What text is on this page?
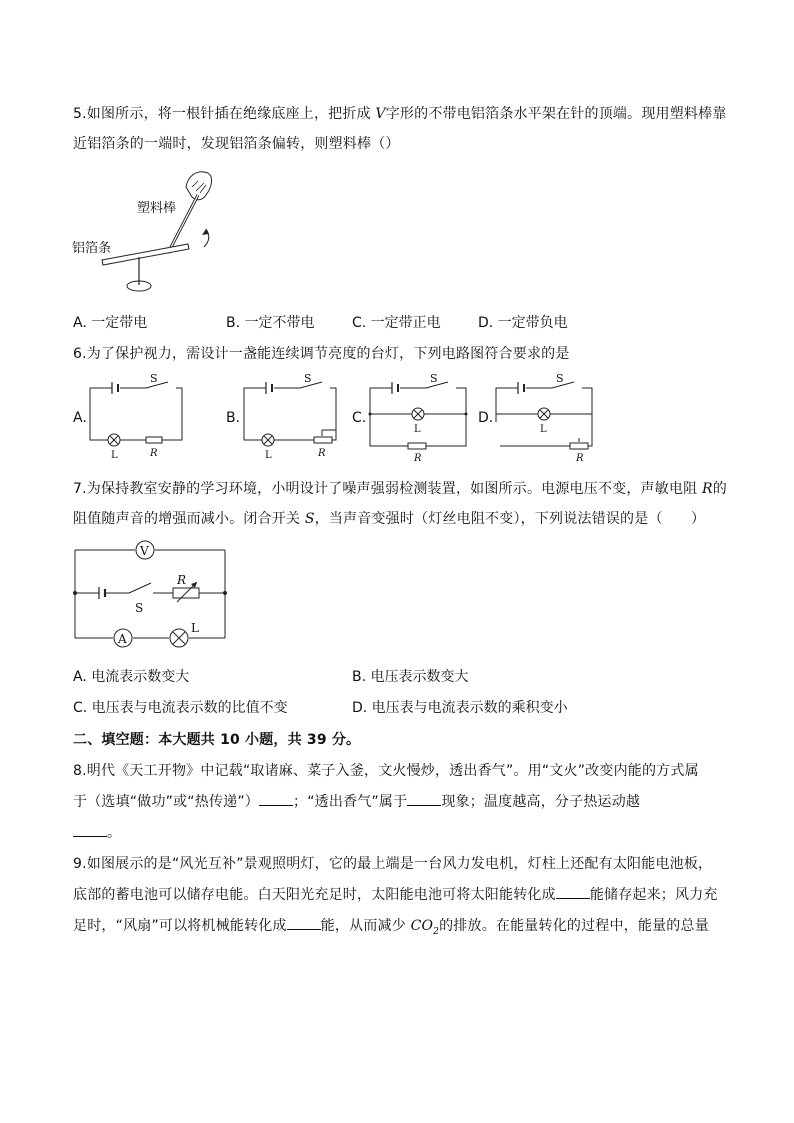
5.如图所示，将一根针插在绝缘底座上，把折成 V字形的不带电铝箔条水平架在针的顶端。现用塑料棒靠
近铝箔条的一端时，发现铝箔条偏转，则塑料棒（）
塑料棒
铝箔条
A. 一定带电	B. 一定不带电	C. 一定带正电	D. 一定带负电
6.为了保护视力，需设计一盏能连续调节亮度的台灯，下列电路图符合要求的是
A.
S
L	R
B.
S
L	R
C.
S
L
R
D.
S
L
R
7.为保持教室安静的学习环境，小明设计了噪声强弱检测装置，如图所示。电源电压不变，声敏电阻 R的
阻值随声音的增强而减小。闭合开关 S，当声音变强时（灯丝电阻不变），下列说法错误的是（　　）
V
R
S
A
L
A. 电流表示数变大	B. 电压表示数变大
C. 电压表与电流表示数的比值不变	D. 电压表与电流表示数的乘积变小
二、填空题：本大题共 10 小题，共 39 分。
8.明代《天工开物》中记载“取诸麻、菜子入釜，文火慢炒，透出香气”。用“文火”改变内能的方式属
于（选填“做功”或“热传递”） ；“透出香气”属于 现象；温度越高，分子热运动越
。
9.如图展示的是“风光互补”景观照明灯，它的最上端是一台风力发电机，灯柱上还配有太阳能电池板，
底部的蓄电池可以储存电能。白天阳光充足时，太阳能电池可将太阳能转化成 能储存起来；风力充
足时，“风扇”可以将机械能转化成 能，从而减少 $CO_2$的排放。在能量转化的过程中，能量的总量
